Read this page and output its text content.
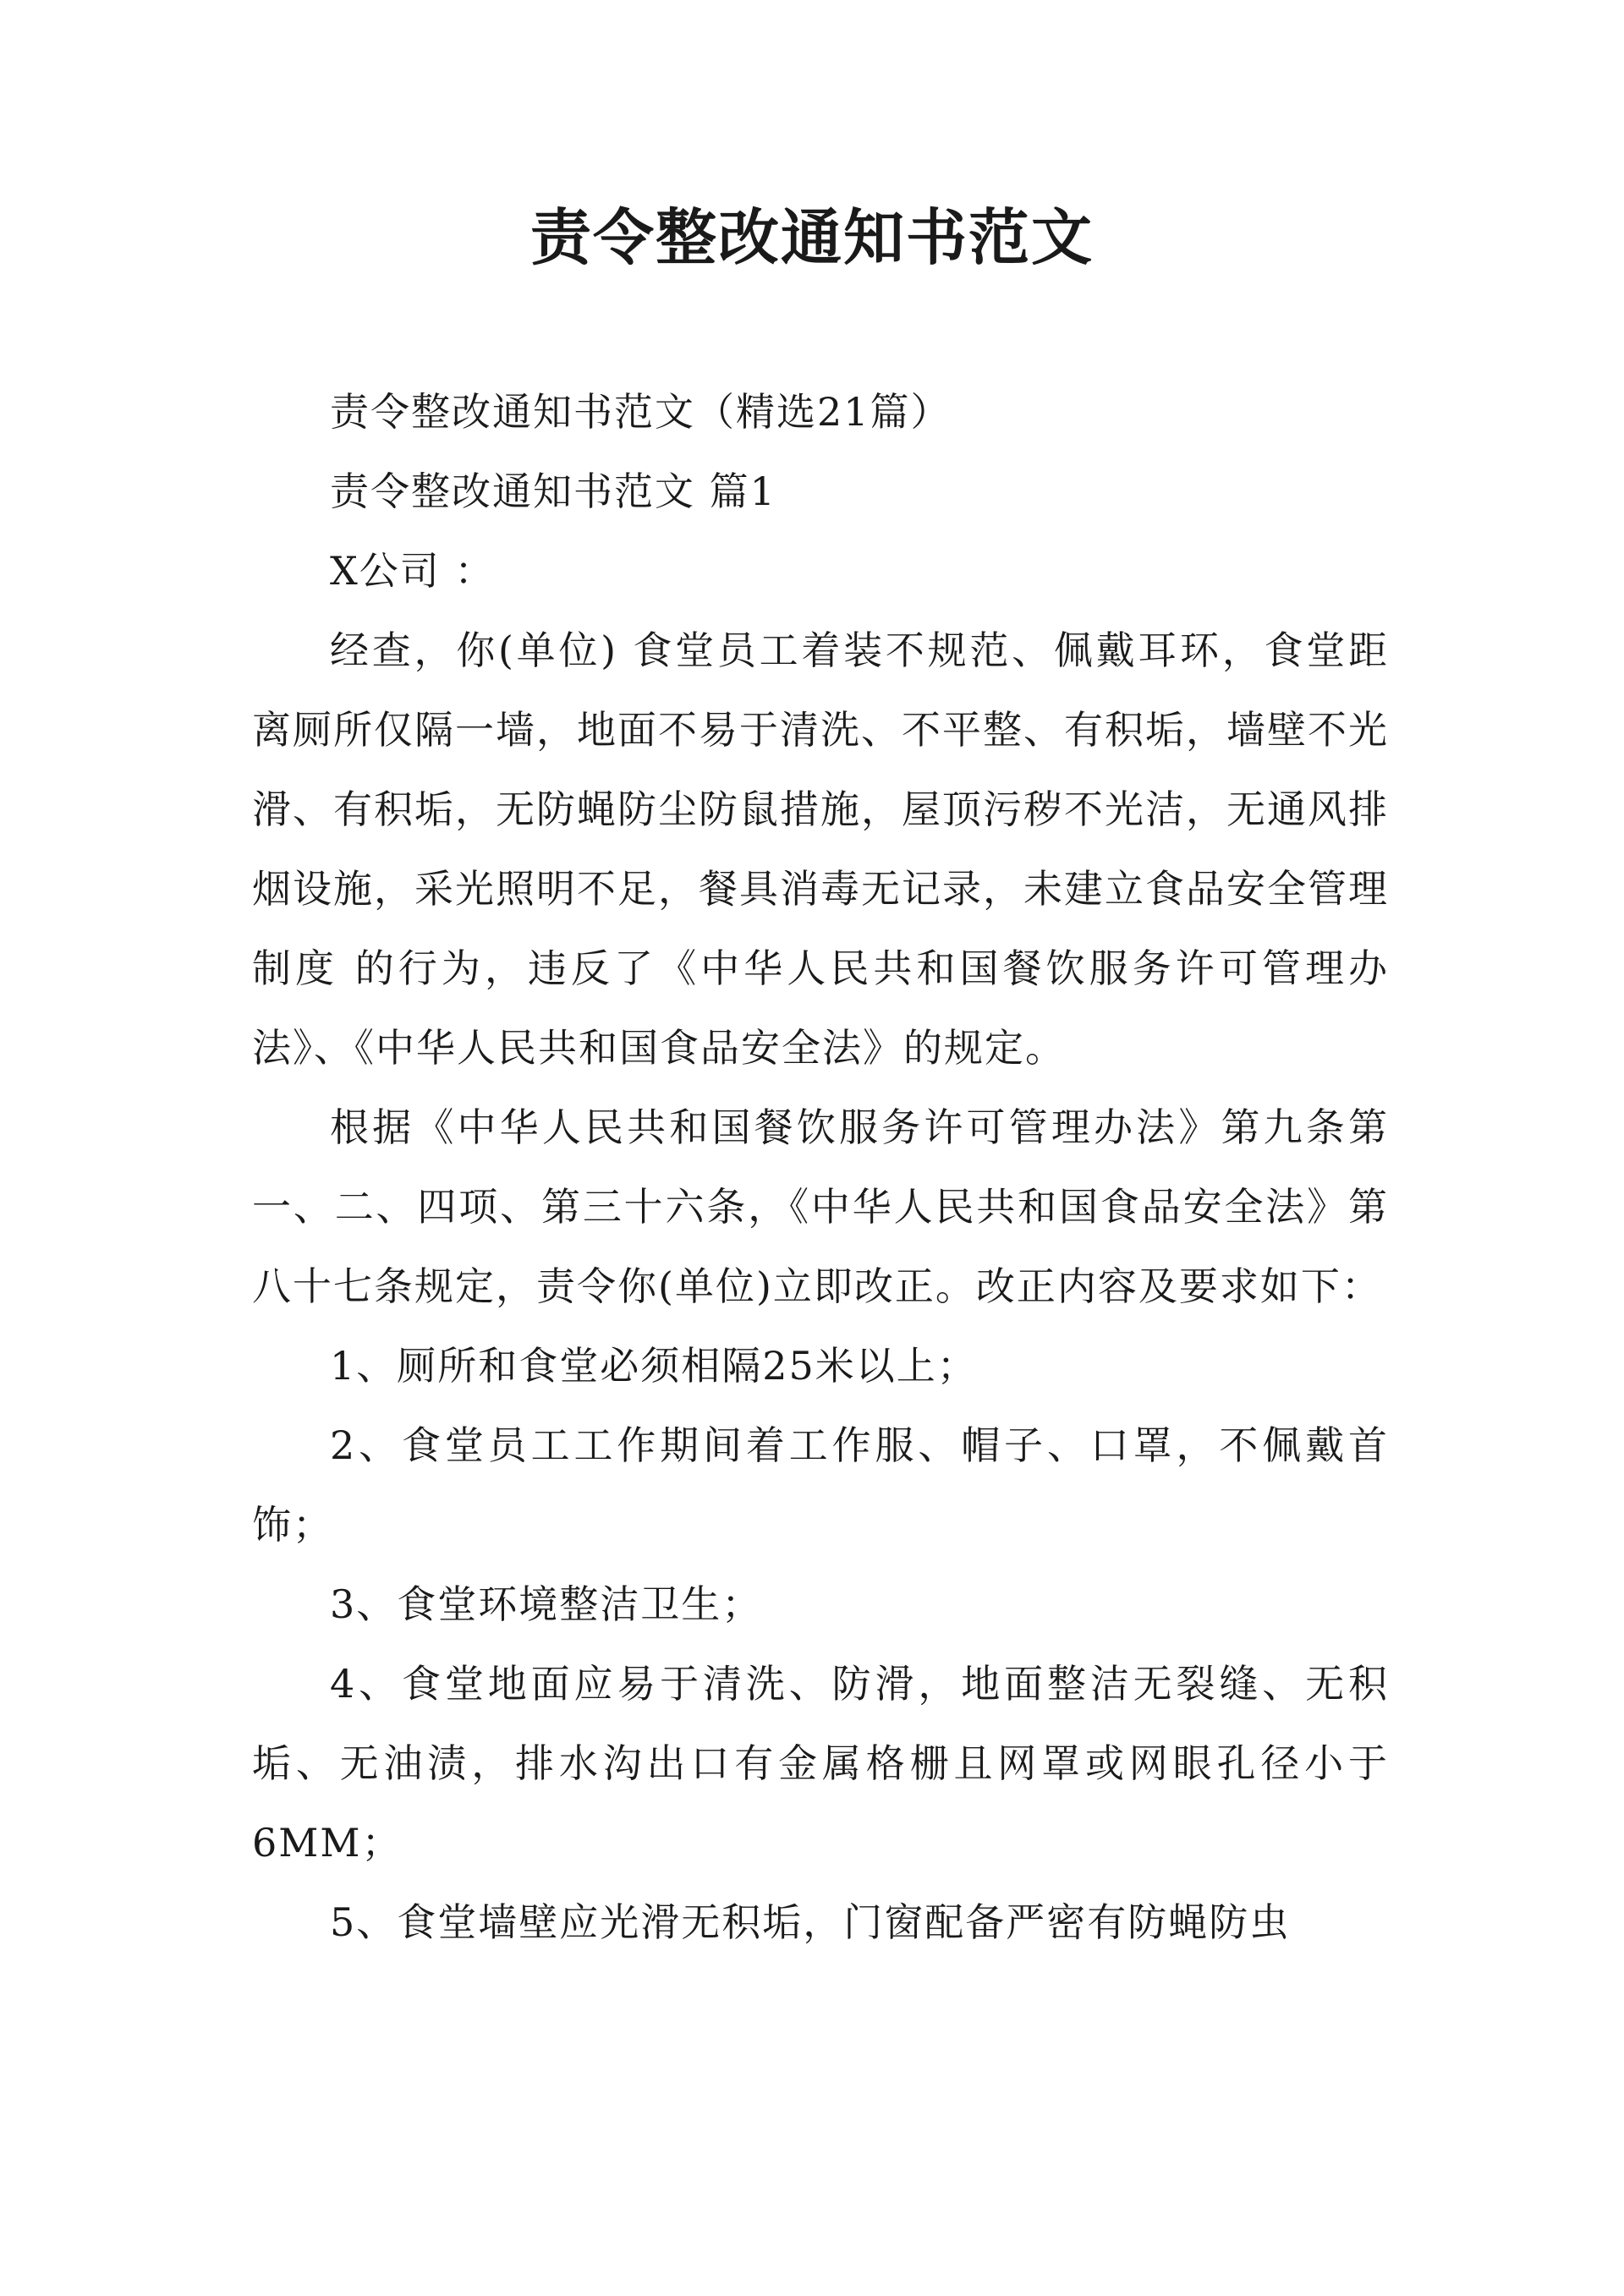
责令整改通知书范文

责令整改通知书范文（精选21篇）

责令整改通知书范文 篇1

X公司 ：

经查，你(单位) 食堂员工着装不规范、佩戴耳环，食堂距离厕所仅隔一墙，地面不易于清洗、不平整、有积垢，墙壁不光滑、有积垢，无防蝇防尘防鼠措施，屋顶污秽不光洁，无通风排烟设施，采光照明不足，餐具消毒无记录，未建立食品安全管理制度 的行为，违反了《中华人民共和国餐饮服务许可管理办法》、《中华人民共和国食品安全法》的规定。

根据《中华人民共和国餐饮服务许可管理办法》第九条第一、二、四项、第三十六条，《中华人民共和国食品安全法》第八十七条规定，责令你(单位)立即改正。改正内容及要求如下：

1、厕所和食堂必须相隔25米以上；

2、食堂员工工作期间着工作服、帽子、口罩，不佩戴首饰；

3、食堂环境整洁卫生；

4、食堂地面应易于清洗、防滑，地面整洁无裂缝、无积垢、无油渍，排水沟出口有金属格栅且网罩或网眼孔径小于6MM；

5、食堂墙壁应光滑无积垢，门窗配备严密有防蝇防虫
